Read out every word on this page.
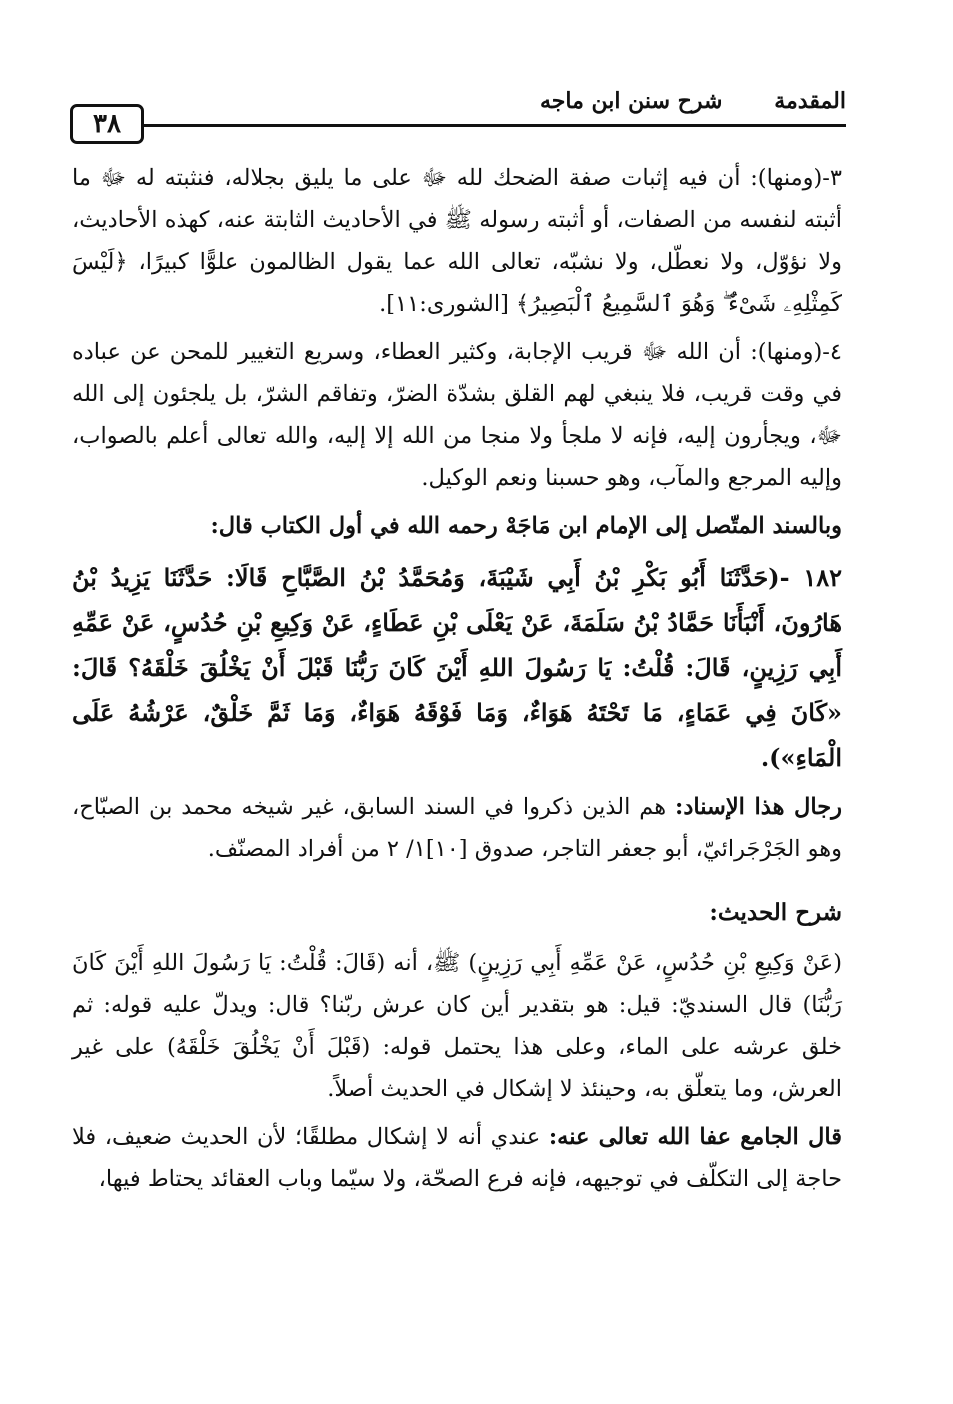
٣٨
شرح سنن ابن ماجه المقدمة

٣-(ومنها): أن فيه إثبات صفة الضحك لله ﷻ على ما يليق بجلاله، فنثبته له ﷻ ما أثبته لنفسه من الصفات، أو أثبته رسوله ﷺ في الأحاديث الثابتة عنه، كهذه الأحاديث، ولا نؤوّل، ولا نعطّل، ولا نشبّه، تعالى الله عما يقول الظالمون علوًّا كبيرًا، ﴿لَيْسَ كَمِثْلِهِۦ شَىْءٌ ۖ وَهُوَ ٱلسَّمِيعُ ٱلْبَصِيرُ﴾ [الشورى:١١].

٤-(ومنها): أن الله ﷻ قريب الإجابة، وكثير العطاء، وسريع التغيير للمحن عن عباده في وقت قريب، فلا ينبغي لهم القلق بشدّة الضرّ، وتفاقم الشرّ، بل يلجئون إلى الله ﷻ، ويجأرون إليه، فإنه لا ملجأ ولا منجا من الله إلا إليه، والله تعالى أعلم بالصواب، وإليه المرجع والمآب، وهو حسبنا ونعم الوكيل.

وبالسند المتّصل إلى الإمام ابن مَاجَهْ رحمه الله في أول الكتاب قال:

١٨٢ -(حَدَّثَنَا أَبُو بَكْرِ بْنُ أَبِي شَيْبَةَ، وَمُحَمَّدُ بْنُ الصَّبَّاحِ قَالَا: حَدَّثَنَا يَزِيدُ بْنُ هَارُونَ، أَنْبَأَنَا حَمَّادُ بْنُ سَلَمَةَ، عَنْ يَعْلَى بْنِ عَطَاءٍ، عَنْ وَكِيعِ بْنِ حُدُسٍ، عَنْ عَمِّهِ أَبِي رَزِينٍ، قَالَ: قُلْتُ: يَا رَسُولَ اللهِ أَيْنَ كَانَ رَبُّنَا قَبْلَ أَنْ يَخْلُقَ خَلْقَهُ؟ قَالَ: «كَانَ فِي عَمَاءٍ، مَا تَحْتَهُ هَوَاءٌ، وَمَا فَوْقَهُ هَوَاءٌ، وَمَا ثَمَّ خَلْقٌ، عَرْشُهُ عَلَى الْمَاءِ»).

رجال هذا الإسناد: هم الذين ذكروا في السند السابق، غير شيخه محمد بن الصبّاح، وهو الجَرْجَرائيّ، أبو جعفر التاجر، صدوق [١٠]١/ ٢ من أفراد المصنّف.

شرح الحديث:

(عَنْ وَكِيعِ بْنِ حُدُسٍ، عَنْ عَمِّهِ أَبِي رَزِينٍ) ﷺ، أنه (قَالَ: قُلْتُ: يَا رَسُولَ اللهِ أَيْنَ كَانَ رَبُّنَا) قال السنديّ: قيل: هو بتقدير أين كان عرش ربّنا؟ قال: ويدلّ عليه قوله: ثم خلق عرشه على الماء، وعلى هذا يحتمل قوله: (قَبْلَ أَنْ يَخْلُقَ خَلْقَهُ) على غير العرش، وما يتعلّق به، وحينئذ لا إشكال في الحديث أصلاً.

قال الجامع عفا الله تعالى عنه: عندي أنه لا إشكال مطلقًا؛ لأن الحديث ضعيف، فلا حاجة إلى التكلّف في توجيهه، فإنه فرع الصحّة، ولا سيّما وباب العقائد يحتاط فيها،
